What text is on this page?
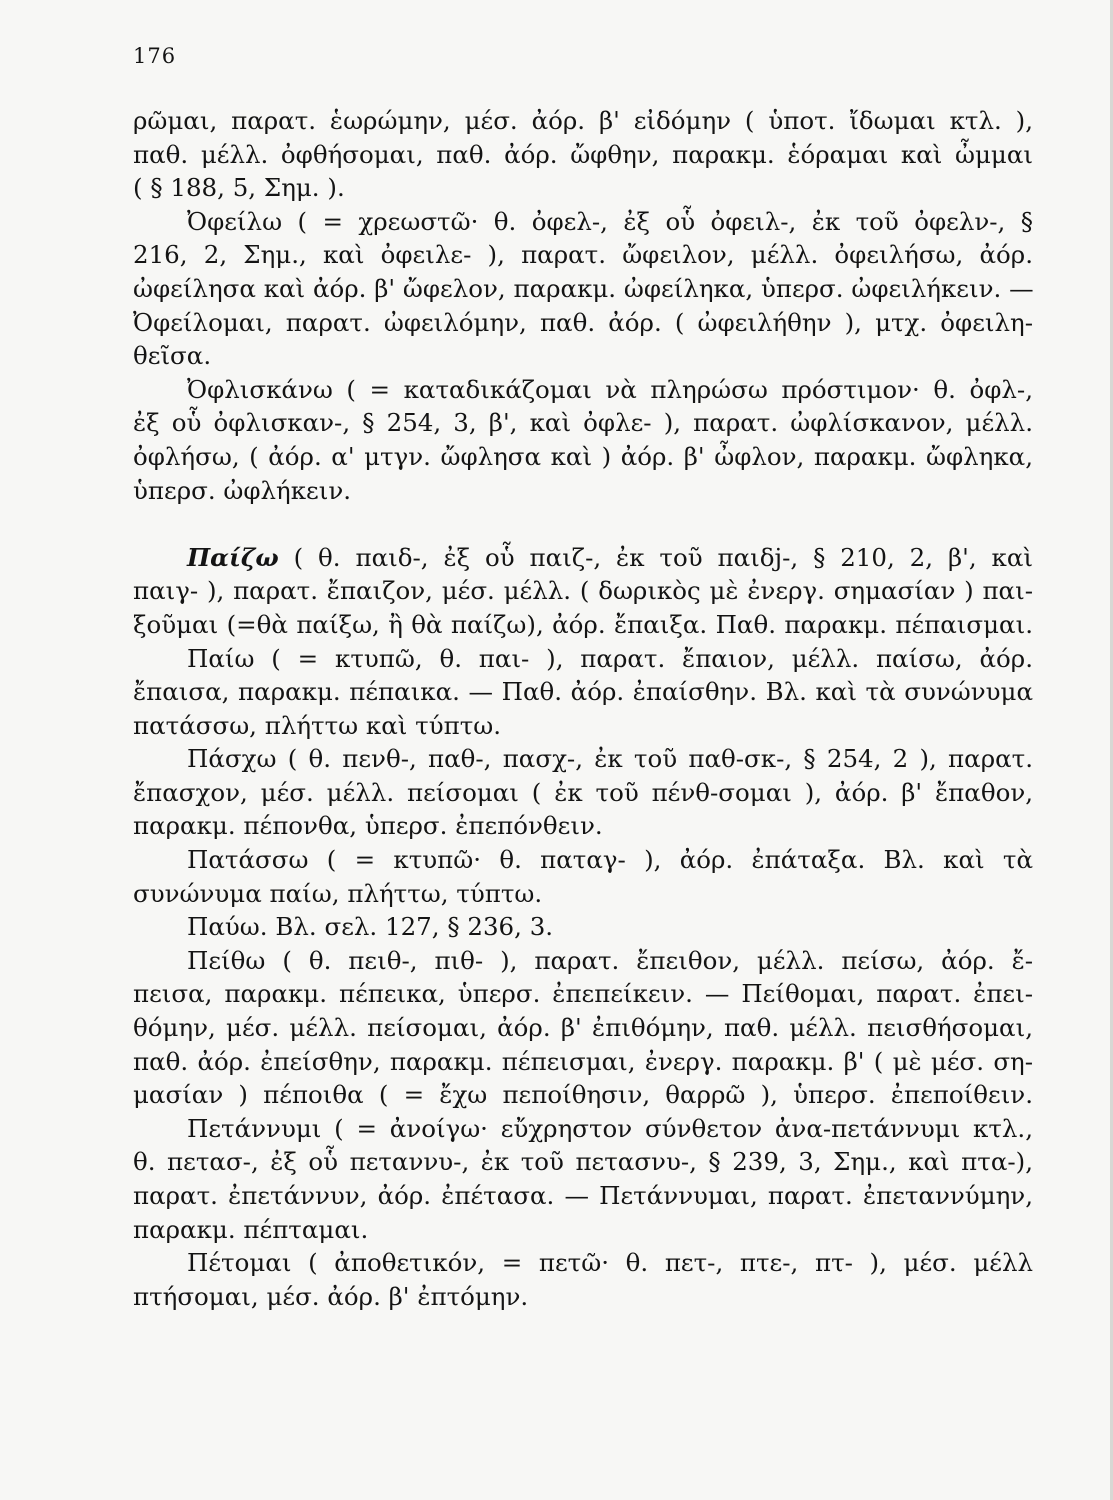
176
ρῶμαι, παρατ. ἑωρώμην, μέσ. ἀόρ. β' εἰδόμην ( ὑποτ. ἴδωμαι κτλ. ),
παθ. μέλλ. ὀφθήσομαι, παθ. ἀόρ. ὤφθην, παρακμ. ἑόραμαι καὶ ὦμμαι
( § 188, 5, Σημ. ).
Ὀφείλω ( = χρεωστῶ· θ. ὀφελ-, ἐξ οὗ ὀφειλ-, ἐκ τοῦ ὀφελν-, §
216, 2, Σημ., καὶ ὀφειλε- ), παρατ. ὤφειλον, μέλλ. ὀφειλήσω, ἀόρ.
ὠφείλησα καὶ ἀόρ. β' ὤφελον, παρακμ. ὠφείληκα, ὑπερσ. ὠφειλήκειν. —
Ὀφείλομαι, παρατ. ὠφειλόμην, παθ. ἀόρ. ( ὠφειλήθην ), μτχ. ὀφειλη-
θεῖσα.
Ὀφλισκάνω ( = καταδικάζομαι νὰ πληρώσω πρόστιμον· θ. ὀφλ-,
ἐξ οὗ ὀφλισκαν-, § 254, 3, β', καὶ ὀφλε- ), παρατ. ὠφλίσκανον, μέλλ.
ὀφλήσω, ( ἀόρ. α' μτγν. ὤφλησα καὶ ) ἀόρ. β' ὦφλον, παρακμ. ὤφληκα,
ὑπερσ. ὠφλήκειν.
Παίζω ( θ. παιδ-, ἐξ οὗ παιζ-, ἐκ τοῦ παιδj-, § 210, 2, β', καὶ
παιγ- ), παρατ. ἔπαιζον, μέσ. μέλλ. ( δωρικὸς μὲ ἐνεργ. σημασίαν ) παι-
ξοῦμαι (=θὰ παίξω, ἢ θὰ παίζω), ἀόρ. ἔπαιξα. Παθ. παρακμ. πέπαισμαι.
Παίω ( = κτυπῶ, θ. παι- ), παρατ. ἔπαιον, μέλλ. παίσω, ἀόρ.
ἔπαισα, παρακμ. πέπαικα. — Παθ. ἀόρ. ἐπαίσθην. Βλ. καὶ τὰ συνώνυμα
πατάσσω, πλήττω καὶ τύπτω.
Πάσχω ( θ. πενθ-, παθ-, πασχ-, ἐκ τοῦ παθ-σκ-, § 254, 2 ), παρατ.
ἔπασχον, μέσ. μέλλ. πείσομαι ( ἐκ τοῦ πένθ-σομαι ), ἀόρ. β' ἔπαθον,
παρακμ. πέπονθα, ὑπερσ. ἐπεπόνθειν.
Πατάσσω ( = κτυπῶ· θ. παταγ- ), ἀόρ. ἐπάταξα. Βλ. καὶ τὰ
συνώνυμα παίω, πλήττω, τύπτω.
Παύω. Βλ. σελ. 127, § 236, 3.
Πείθω ( θ. πειθ-, πιθ- ), παρατ. ἔπειθον, μέλλ. πείσω, ἀόρ. ἔ-
πεισα, παρακμ. πέπεικα, ὑπερσ. ἐπεπείκειν. — Πείθομαι, παρατ. ἐπει-
θόμην, μέσ. μέλλ. πείσομαι, ἀόρ. β' ἐπιθόμην, παθ. μέλλ. πεισθήσομαι,
παθ. ἀόρ. ἐπείσθην, παρακμ. πέπεισμαι, ἐνεργ. παρακμ. β' ( μὲ μέσ. ση-
μασίαν ) πέποιθα ( = ἔχω πεποίθησιν, θαρρῶ ), ὑπερσ. ἐπεποίθειν.
Πετάννυμι ( = ἀνοίγω· εὔχρηστον σύνθετον ἀνα-πετάννυμι κτλ.,
θ. πετασ-, ἐξ οὗ πεταννυ-, ἐκ τοῦ πετασνυ-, § 239, 3, Σημ., καὶ πτα-),
παρατ. ἐπετάννυν, ἀόρ. ἐπέτασα. — Πετάννυμαι, παρατ. ἐπεταννύμην,
παρακμ. πέπταμαι.
Πέτομαι ( ἀποθετικόν, = πετῶ· θ. πετ-, πτε-, πτ- ), μέσ. μέλλ
πτήσομαι, μέσ. ἀόρ. β' ἐπτόμην.
